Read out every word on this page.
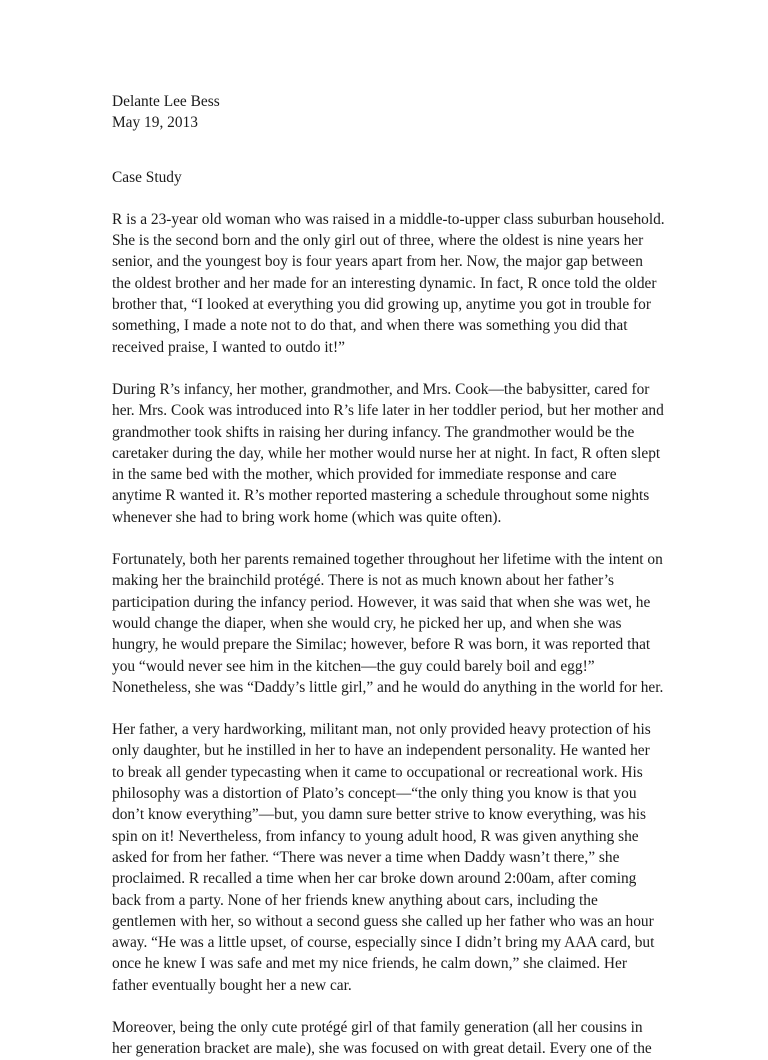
Delante Lee Bess

May 19, 2013

Case Study

R is a 23-year old woman who was raised in a middle-to-upper class suburban household.
She is the second born and the only girl out of three, where the oldest is nine years her
senior, and the youngest boy is four years apart from her. Now, the major gap between
the oldest brother and her made for an interesting dynamic. In fact, R once told the older
brother that, “I looked at everything you did growing up, anytime you got in trouble for
something, I made a note not to do that, and when there was something you did that
received praise, I wanted to outdo it!”

During R’s infancy, her mother, grandmother, and Mrs. Cook—the babysitter, cared for
her. Mrs. Cook was introduced into R’s life later in her toddler period, but her mother and
grandmother took shifts in raising her during infancy. The grandmother would be the
caretaker during the day, while her mother would nurse her at night. In fact, R often slept
in the same bed with the mother, which provided for immediate response and care
anytime R wanted it. R’s mother reported mastering a schedule throughout some nights
whenever she had to bring work home (which was quite often).

Fortunately, both her parents remained together throughout her lifetime with the intent on
making her the brainchild protégé. There is not as much known about her father’s
participation during the infancy period. However, it was said that when she was wet, he
would change the diaper, when she would cry, he picked her up, and when she was
hungry, he would prepare the Similac; however, before R was born, it was reported that
you “would never see him in the kitchen—the guy could barely boil and egg!”
Nonetheless, she was “Daddy’s little girl,” and he would do anything in the world for her.

Her father, a very hardworking, militant man, not only provided heavy protection of his
only daughter, but he instilled in her to have an independent personality. He wanted her
to break all gender typecasting when it came to occupational or recreational work. His
philosophy was a distortion of Plato’s concept—“the only thing you know is that you
don’t know everything”—but, you damn sure better strive to know everything, was his
spin on it! Nevertheless, from infancy to young adult hood, R was given anything she
asked for from her father. “There was never a time when Daddy wasn’t there,” she
proclaimed. R recalled a time when her car broke down around 2:00am, after coming
back from a party. None of her friends knew anything about cars, including the
gentlemen with her, so without a second guess she called up her father who was an hour
away. “He was a little upset, of course, especially since I didn’t bring my AAA card, but
once he knew I was safe and met my nice friends, he calm down,” she claimed. Her
father eventually bought her a new car.

Moreover, being the only cute protégé girl of that family generation (all her cousins in
her generation bracket are male), she was focused on with great detail. Every one of the
